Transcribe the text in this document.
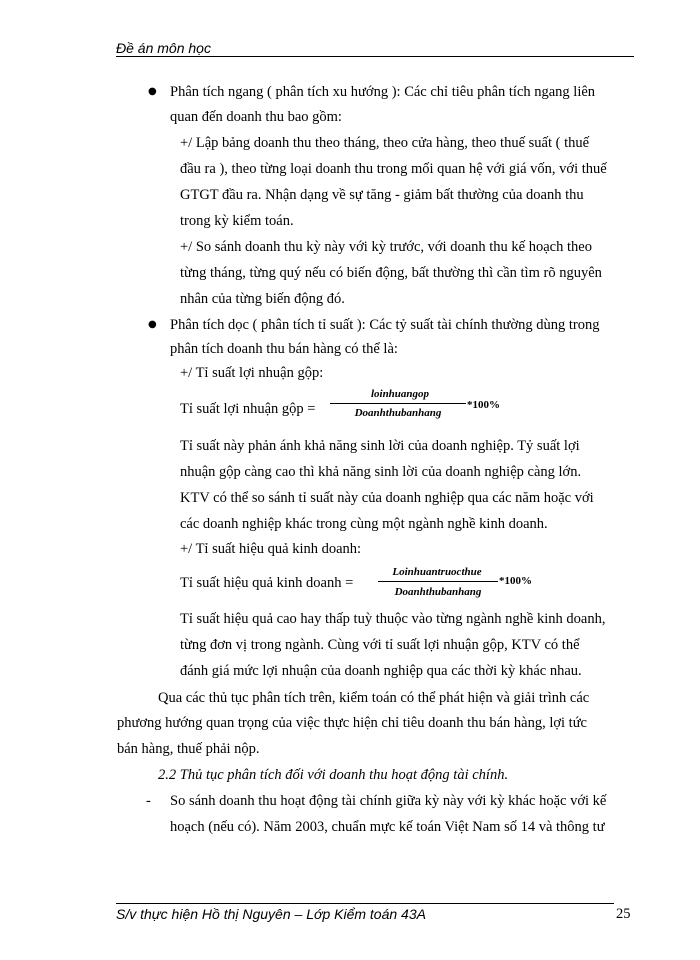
Đề án môn học
● Phân tích ngang ( phân tích xu hướng ): Các chỉ tiêu phân tích ngang liên
quan đến doanh thu bao gồm:
+/ Lập bảng doanh thu theo tháng, theo cửa hàng, theo thuế suất ( thuế
đầu ra ), theo từng loại doanh thu trong mối quan hệ với giá vốn, với thuế
GTGT đầu ra. Nhận dạng về sự tăng - giảm bất thường của doanh thu
trong kỳ kiểm toán.
+/ So sánh doanh thu kỳ này với kỳ trước, với doanh thu kế hoạch theo
từng tháng, từng quý nếu có biến động, bất thường thì cần tìm rõ nguyên
nhân của từng biến động đó.
● Phân tích dọc ( phân tích tỉ suất ): Các tỷ suất tài chính thường dùng trong
phân tích doanh thu bán hàng có thể là:
+/ Tỉ suất lợi nhuận gộp:
Tỉ suất lợi nhuận gộp =
loinhuangop
Doanhthubanhang
*100%
Tỉ suất này phản ánh khả năng sinh lời của doanh nghiệp. Tỷ suất lợi
nhuận gộp càng cao thì khả năng sinh lời của doanh nghiệp càng lớn.
KTV có thể so sánh tỉ suất này của doanh nghiệp qua các năm hoặc với
các doanh nghiệp khác trong cùng một ngành nghề kinh doanh.
+/ Tỉ suất hiệu quả kinh doanh:
Tỉ suất hiệu quả kinh doanh =
Loinhuantruocthue
Doanhthubanhang
*100%
Tỉ suất hiệu quả cao hay thấp tuỳ thuộc vào từng ngành nghề kinh doanh,
từng đơn vị trong ngành. Cùng với tỉ suất lợi nhuận gộp, KTV có thể
đánh giá mức lợi nhuận của doanh nghiệp qua các thời kỳ khác nhau.
Qua các thủ tục phân tích trên, kiểm toán có thể phát hiện và giải trình các
phương hướng quan trọng của việc thực hiện chỉ tiêu doanh thu bán hàng, lợi tức
bán hàng, thuế phải nộp.
2.2 Thủ tục phân tích đối với doanh thu hoạt động tài chính.
- So sánh doanh thu hoạt động tài chính giữa kỳ này với kỳ khác hoặc với kế
hoạch (nếu có). Năm 2003, chuẩn mực kế toán Việt Nam số 14 và thông tư
S/v thực hiện Hồ thị Nguyên – Lớp Kiểm toán 43A	25
